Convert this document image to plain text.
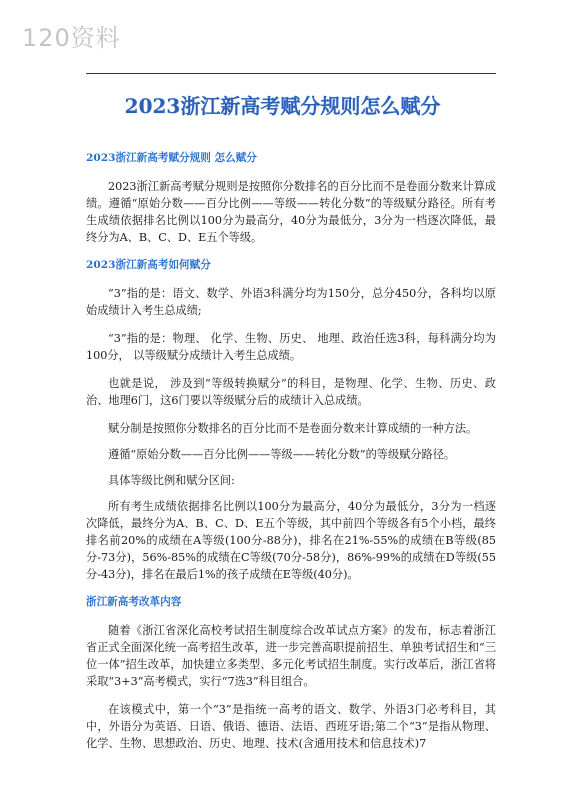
120资料
2023浙江新高考赋分规则怎么赋分

2023浙江新高考赋分规则 怎么赋分

2023浙江新高考赋分规则是按照你分数排名的百分比而不是卷面分数来计算成绩。遵循“原始分数——百分比例——等级——转化分数”的等级赋分路径。所有考生成绩依据排名比例以100分为最高分，40分为最低分，3分为一档逐次降低，最终分为A、B、C、D、E五个等级。

2023浙江新高考如何赋分

“3”指的是：语文、数学、外语3科满分均为150分，总分450分，各科均以原始成绩计入考生总成绩;

“3”指的是：物理、 化学、生物、历史、 地理、政治任选3科，每科满分均为100分， 以等级赋分成绩计入考生总成绩。

也就是说， 涉及到“等级转换赋分”的科目，是物理、化学、生物、历史、政治、地理6门，这6门要以等级赋分后的成绩计入总成绩。

赋分制是按照你分数排名的百分比而不是卷面分数来计算成绩的一种方法。

遵循“原始分数——百分比例——等级——转化分数”的等级赋分路径。

具体等级比例和赋分区间:

所有考生成绩依据排名比例以100分为最高分，40分为最低分，3分为一档逐次降低，最终分为A、B、C、D、E五个等级，其中前四个等级各有5个小档，最终排名前20%的成绩在A等级(100分-88分)，排名在21%-55%的成绩在B等级(85分-73分)，56%-85%的成绩在C等级(70分-58分)，86%-99%的成绩在D等级(55分-43分)，排名在最后1%的孩子成绩在E等级(40分)。

浙江新高考改革内容

随着《浙江省深化高校考试招生制度综合改革试点方案》的发布，标志着浙江省正式全面深化统一高考招生改革，进一步完善高职提前招生、单独考试招生和“三位一体”招生改革，加快建立多类型、多元化考试招生制度。实行改革后，浙江省将采取“3+3”高考模式，实行“7选3”科目组合。

在该模式中，第一个“3”是指统一高考的语文、数学、外语3门必考科目，其中，外语分为英语、日语、俄语、德语、法语、西班牙语;第二个“3”是指从物理、化学、生物、思想政治、历史、地理、技术(含通用技术和信息技术)7
